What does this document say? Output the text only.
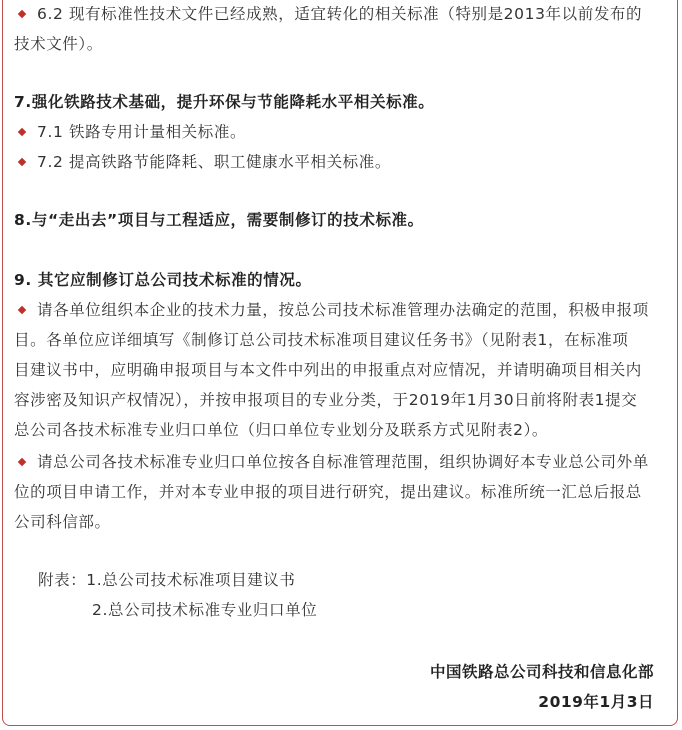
6.2 现有标准性技术文件已经成熟，适宜转化的相关标准（特别是2013年以前发布的
技术文件）。
7.强化铁路技术基础，提升环保与节能降耗水平相关标准。
7.1 铁路专用计量相关标准。
7.2 提高铁路节能降耗、职工健康水平相关标准。
8.与“走出去”项目与工程适应，需要制修订的技术标准。
9. 其它应制修订总公司技术标准的情况。
请各单位组织本企业的技术力量，按总公司技术标准管理办法确定的范围，积极申报项
目。各单位应详细填写《制修订总公司技术标准项目建议任务书》（见附表1，在标准项
目建议书中，应明确申报项目与本文件中列出的申报重点对应情况，并请明确项目相关内
容涉密及知识产权情况），并按申报项目的专业分类，于2019年1月30日前将附表1提交
总公司各技术标准专业归口单位（归口单位专业划分及联系方式见附表2）。
请总公司各技术标准专业归口单位按各自标准管理范围，组织协调好本专业总公司外单
位的项目申请工作，并对本专业申报的项目进行研究，提出建议。标准所统一汇总后报总
公司科信部。
附表：1.总公司技术标准项目建议书
2.总公司技术标准专业归口单位
中国铁路总公司科技和信息化部
2019年1月3日
